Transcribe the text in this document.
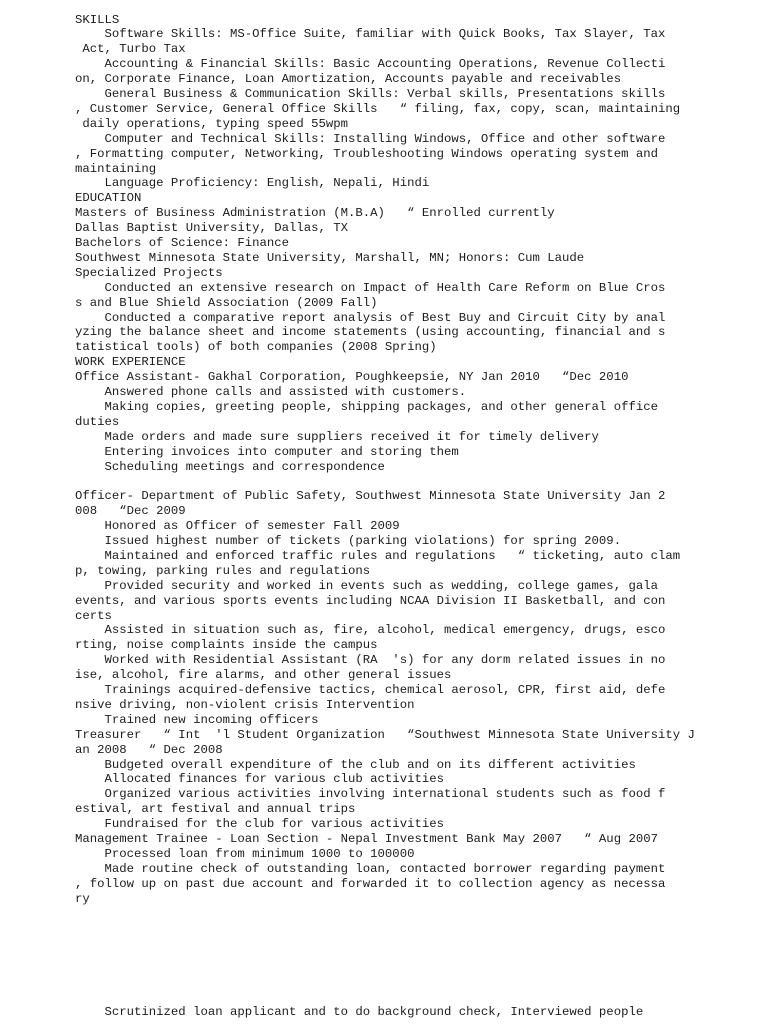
SKILLS
Software Skills: MS-Office Suite, familiar with Quick Books, Tax Slayer, Tax
Act, Turbo Tax
Accounting & Financial Skills: Basic Accounting Operations, Revenue Collecti
on, Corporate Finance, Loan Amortization, Accounts payable and receivables
General Business & Communication Skills: Verbal skills, Presentations skills
, Customer Service, General Office Skills   “ filing, fax, copy, scan, maintaining
daily operations, typing speed 55wpm
Computer and Technical Skills: Installing Windows, Office and other software
, Formatting computer, Networking, Troubleshooting Windows operating system and
maintaining
Language Proficiency: English, Nepali, Hindi
EDUCATION
Masters of Business Administration (M.B.A)   “ Enrolled currently
Dallas Baptist University, Dallas, TX
Bachelors of Science: Finance
Southwest Minnesota State University, Marshall, MN; Honors: Cum Laude
Specialized Projects
Conducted an extensive research on Impact of Health Care Reform on Blue Cros
s and Blue Shield Association (2009 Fall)
Conducted a comparative report analysis of Best Buy and Circuit City by anal
yzing the balance sheet and income statements (using accounting, financial and s
tatistical tools) of both companies (2008 Spring)
WORK EXPERIENCE
Office Assistant- Gakhal Corporation, Poughkeepsie, NY Jan 2010   “Dec 2010
Answered phone calls and assisted with customers.
Making copies, greeting people, shipping packages, and other general office
duties
Made orders and made sure suppliers received it for timely delivery
Entering invoices into computer and storing them
Scheduling meetings and correspondence
Officer- Department of Public Safety, Southwest Minnesota State University Jan 2
008   “Dec 2009
Honored as Officer of semester Fall 2009
Issued highest number of tickets (parking violations) for spring 2009.
Maintained and enforced traffic rules and regulations   “ ticketing, auto clam
p, towing, parking rules and regulations
Provided security and worked in events such as wedding, college games, gala
events, and various sports events including NCAA Division II Basketball, and con
certs
Assisted in situation such as, fire, alcohol, medical emergency, drugs, esco
rting, noise complaints inside the campus
Worked with Residential Assistant (RA  's) for any dorm related issues in no
ise, alcohol, fire alarms, and other general issues
Trainings acquired-defensive tactics, chemical aerosol, CPR, first aid, defe
nsive driving, non-violent crisis Intervention
Trained new incoming officers
Treasurer   “ Int  'l Student Organization   “Southwest Minnesota State University J
an 2008   “ Dec 2008
Budgeted overall expenditure of the club and on its different activities
Allocated finances for various club activities
Organized various activities involving international students such as food f
estival, art festival and annual trips
Fundraised for the club for various activities
Management Trainee - Loan Section - Nepal Investment Bank May 2007   “ Aug 2007
Processed loan from minimum 1000 to 100000
Made routine check of outstanding loan, contacted borrower regarding payment
, follow up on past due account and forwarded it to collection agency as necessa
ry
Scrutinized loan applicant and to do background check, Interviewed people
